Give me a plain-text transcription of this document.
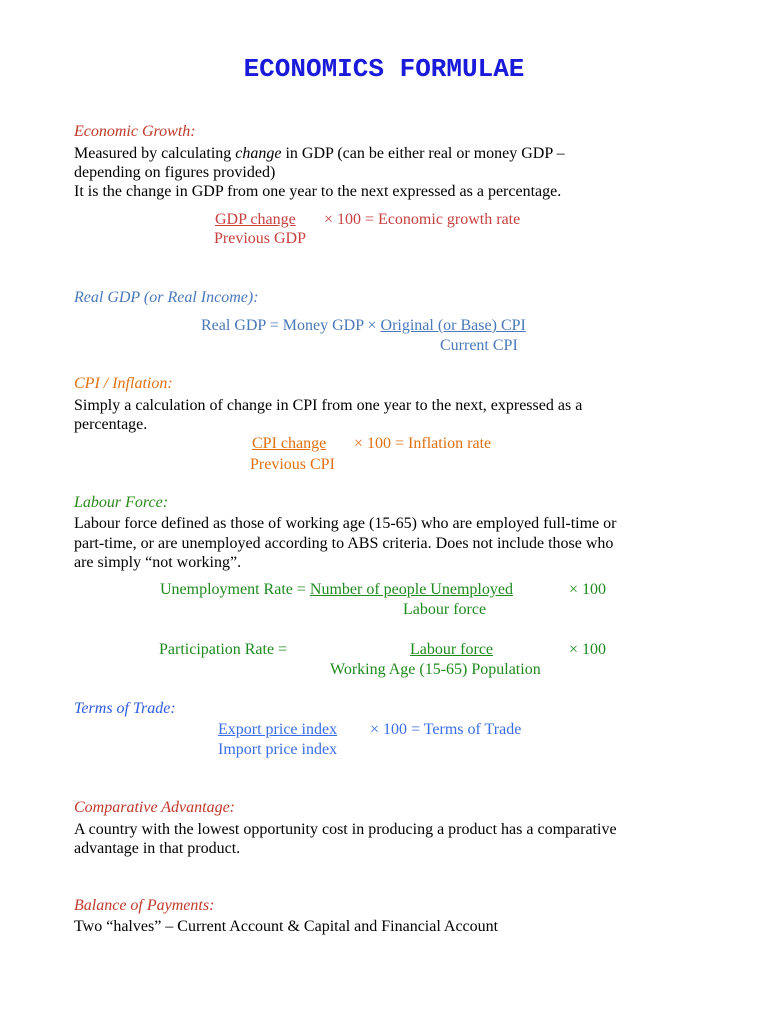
ECONOMICS FORMULAE
Economic Growth:
Measured by calculating change in GDP (can be either real or money GDP –
depending on figures provided)
It is the change in GDP from one year to the next expressed as a percentage.
GDP change × 100 = Economic growth rate
Previous GDP
Real GDP (or Real Income):
Real GDP = Money GDP × Original (or Base) CPI
Current CPI
CPI / Inflation:
Simply a calculation of change in CPI from one year to the next, expressed as a
percentage.
CPI change × 100 = Inflation rate
Previous CPI
Labour Force:
Labour force defined as those of working age (15-65) who are employed full-time or
part-time, or are unemployed according to ABS criteria. Does not include those who
are simply “not working”.
Unemployment Rate = Number of people Unemployed	× 100
Labour force
Participation Rate =	Labour force	× 100
Working Age (15-65) Population
Terms of Trade:
Export price index × 100 = Terms of Trade
Import price index
Comparative Advantage:
A country with the lowest opportunity cost in producing a product has a comparative
advantage in that product.
Balance of Payments:
Two “halves” – Current Account & Capital and Financial Account
